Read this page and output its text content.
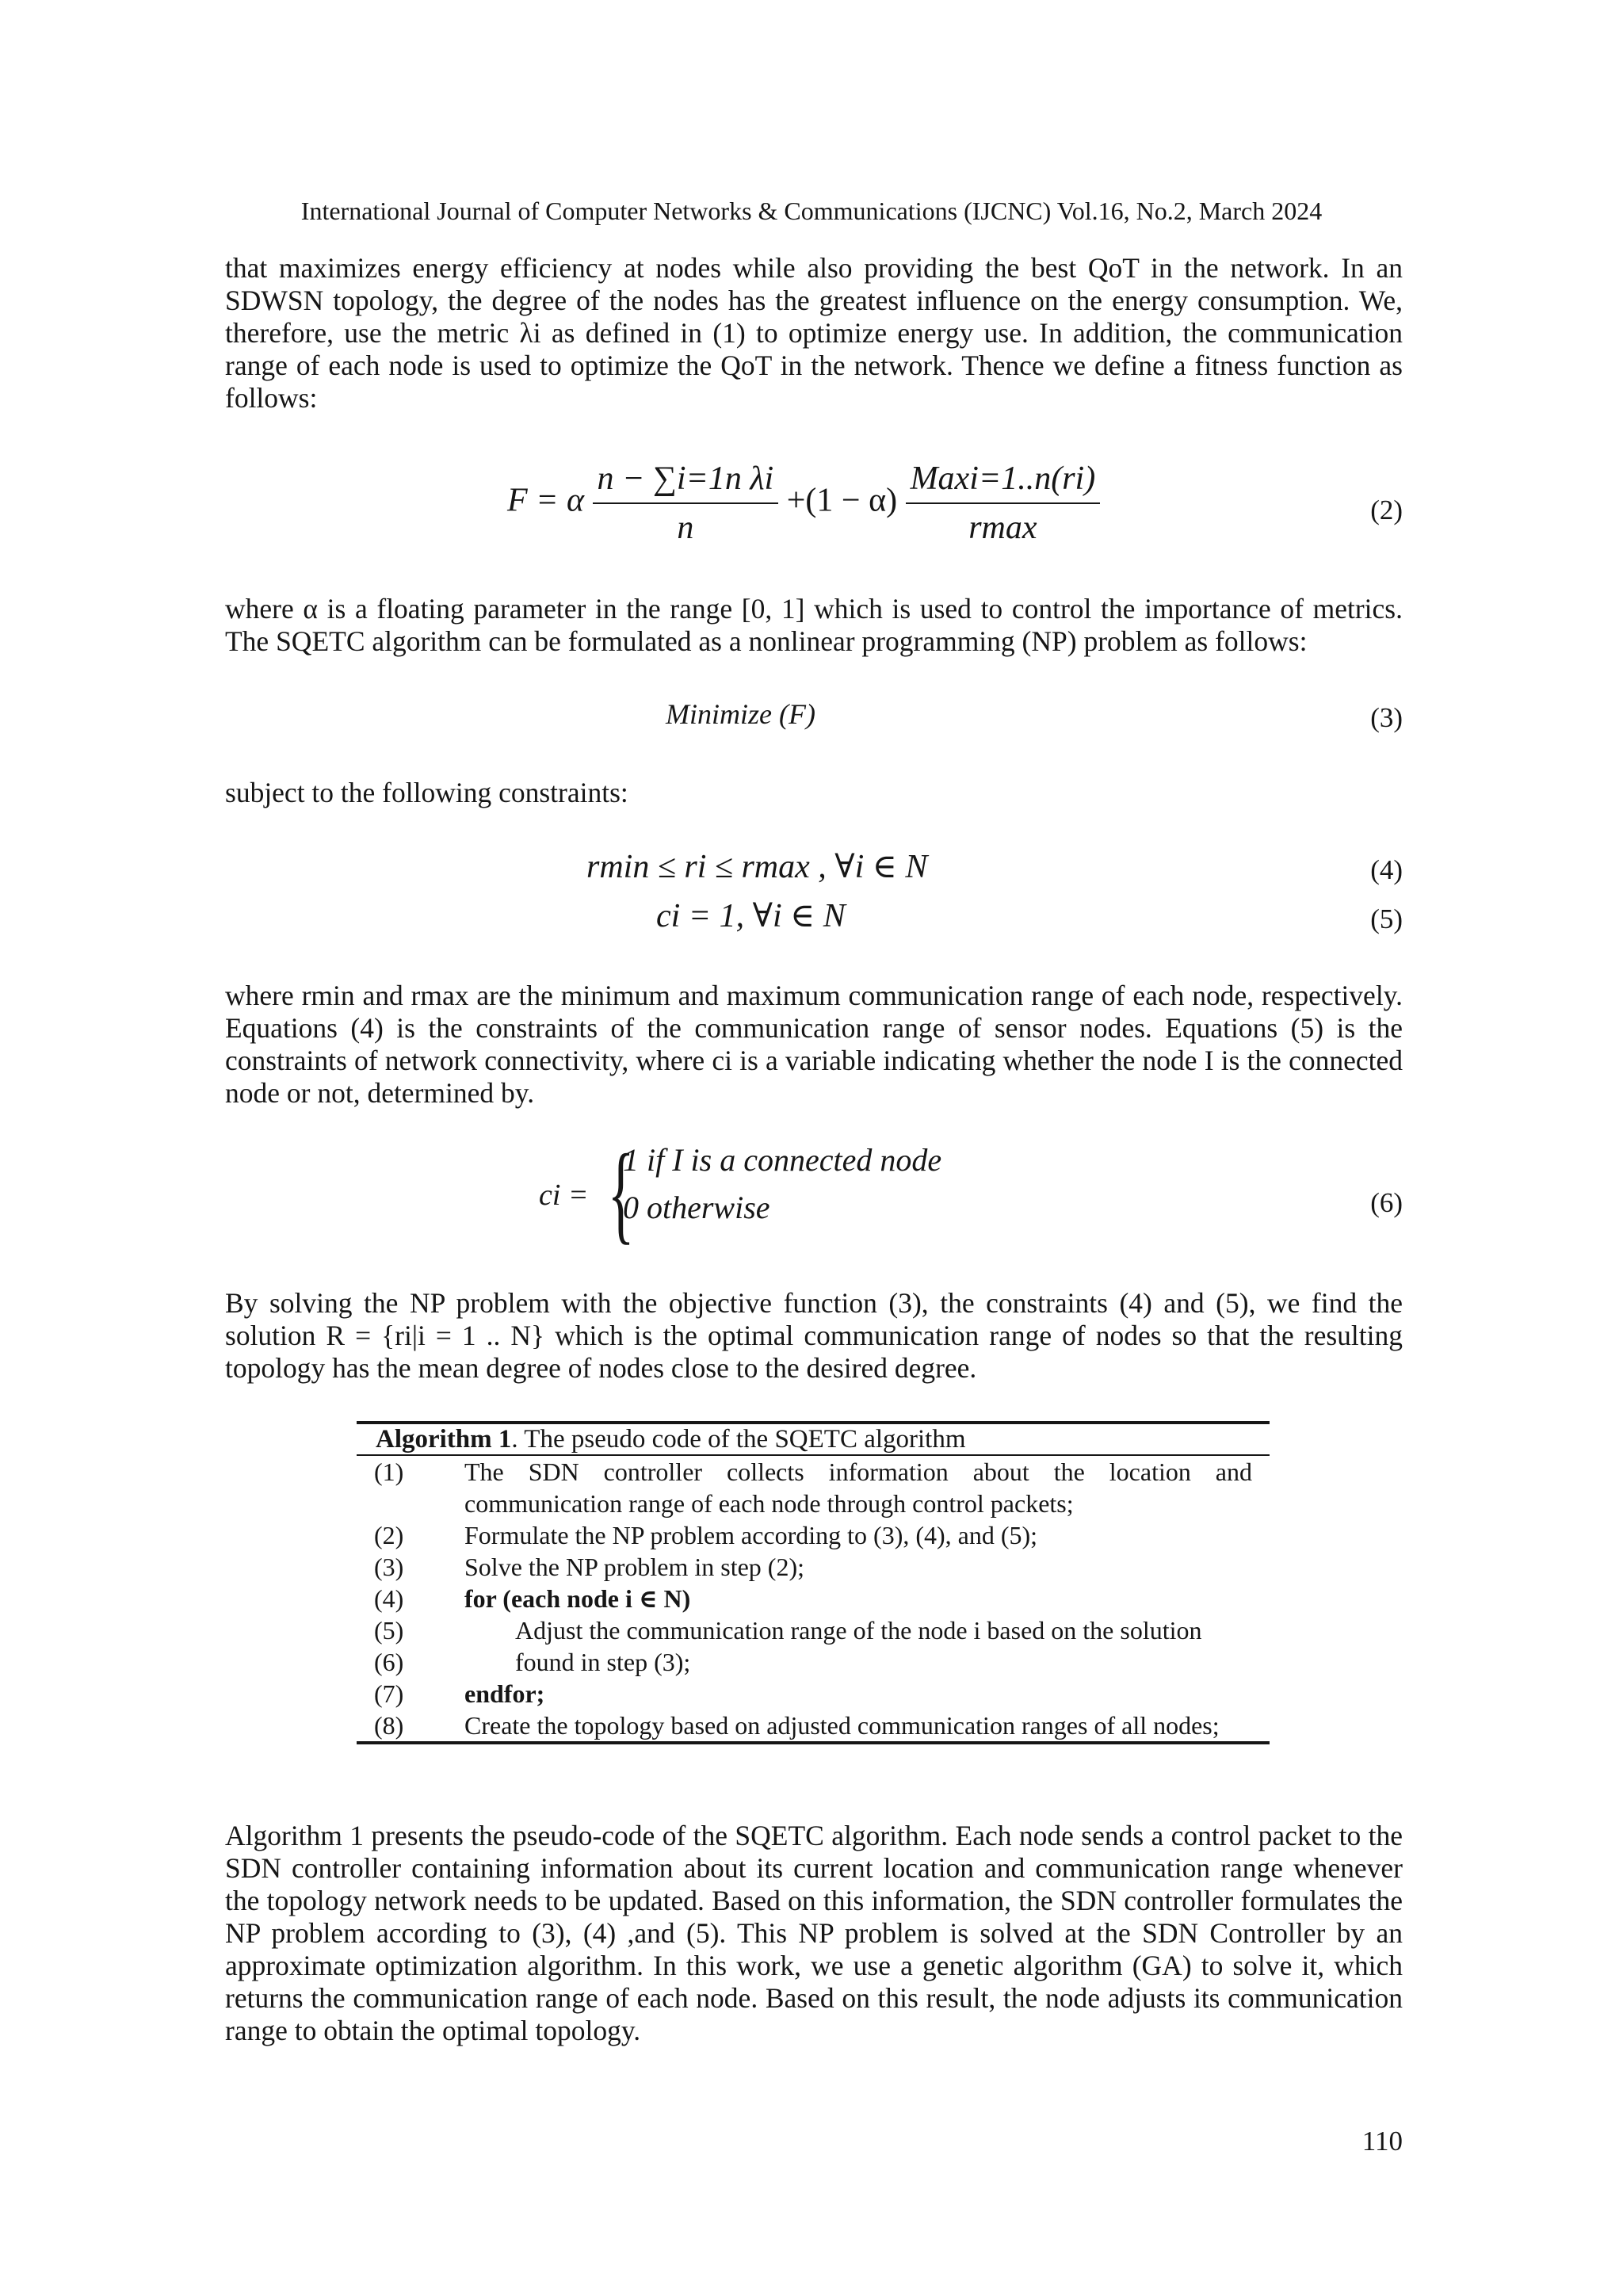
International Journal of Computer Networks & Communications (IJCNC) Vol.16, No.2, March 2024

that maximizes energy efficiency at nodes while also providing the best QoT in the network. In an SDWSN topology, the degree of the nodes has the greatest influence on the energy consumption. We, therefore, use the metric λi as defined in (1) to optimize energy use. In addition, the communication range of each node is used to optimize the QoT in the network. Thence we define a fitness function as follows:

F = α $\frac{\text{n − ∑i=1n λi}}{n} +(1 - \alpha) \frac{\text{Maxi=1..n(ri)}}{rmax}$	(2)

where α is a floating parameter in the range [0, 1] which is used to control the importance of metrics. The SQETC algorithm can be formulated as a nonlinear programming (NP) problem as follows:

Minimize (F)	(3)

subject to the following constraints:

rmin ≤ ri ≤ rmax , ∀i ∈ N	(4)
ci = 1, ∀i ∈ N	(5)

where rmin and rmax are the minimum and maximum communication range of each node, respectively. Equations (4) is the constraints of the communication range of sensor nodes. Equations (5) is the constraints of network connectivity, where ci is a variable indicating whether the node I is the connected node or not, determined by.

ci = {
1 if I is a connected node
0 otherwise	(6)

By solving the NP problem with the objective function (3), the constraints (4) and (5), we find the solution R = {ri|i = 1 .. N} which is the optimal communication range of nodes so that the resulting topology has the mean degree of nodes close to the desired degree.

Algorithm 1. The pseudo code of the SQETC algorithm
(1)	The SDN controller collects information about the location and communication range of each node through control packets;
(2)	Formulate the NP problem according to (3), (4), and (5);
(3)	Solve the NP problem in step (2);
(4)	for (each node i ∈ N)
(5)	Adjust the communication range of the node i based on the solution
(6)	found in step (3);
(7)	endfor;
(8)	Create the topology based on adjusted communication ranges of all nodes;

Algorithm 1 presents the pseudo-code of the SQETC algorithm. Each node sends a control packet to the SDN controller containing information about its current location and communication range whenever the topology network needs to be updated. Based on this information, the SDN controller formulates the NP problem according to (3), (4) ,and (5). This NP problem is solved at the SDN Controller by an approximate optimization algorithm. In this work, we use a genetic algorithm (GA) to solve it, which returns the communication range of each node. Based on this result, the node adjusts its communication range to obtain the optimal topology.

110
